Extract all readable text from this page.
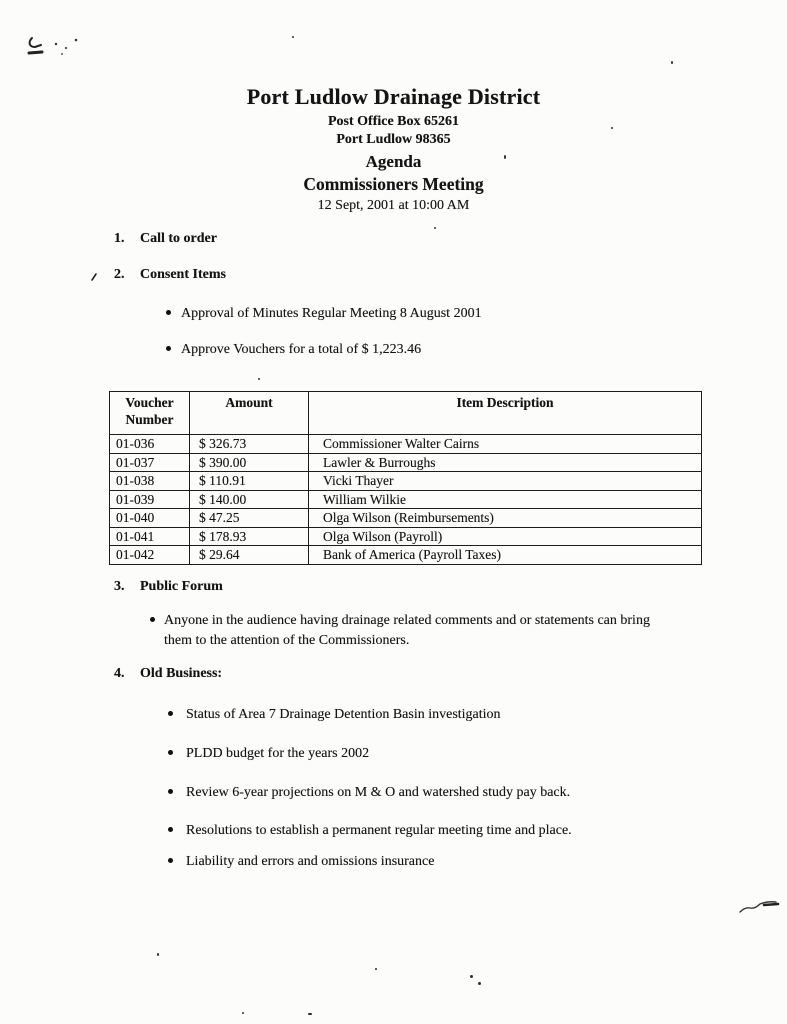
Port Ludlow Drainage District
Post Office Box 65261
Port Ludlow 98365
Agenda
Commissioners Meeting
12 Sept, 2001 at 10:00 AM
1. Call to order
2. Consent Items
Approval of Minutes Regular Meeting 8 August 2001
Approve Vouchers for a total of $ 1,223.46
Voucher Number	Amount	Item Description
01-036	$ 326.73	Commissioner Walter Cairns
01-037	$ 390.00	Lawler & Burroughs
01-038	$ 110.91	Vicki Thayer
01-039	$ 140.00	William Wilkie
01-040	$ 47.25	Olga Wilson (Reimbursements)
01-041	$ 178.93	Olga Wilson (Payroll)
01-042	$ 29.64	Bank of America (Payroll Taxes)
3. Public Forum
Anyone in the audience having drainage related comments and or statements can bring them to the attention of the Commissioners.
4. Old Business:
Status of Area 7 Drainage Detention Basin investigation
PLDD budget for the years 2002
Review 6-year projections on M & O and watershed study pay back.
Resolutions to establish a permanent regular meeting time and place.
Liability and errors and omissions insurance
